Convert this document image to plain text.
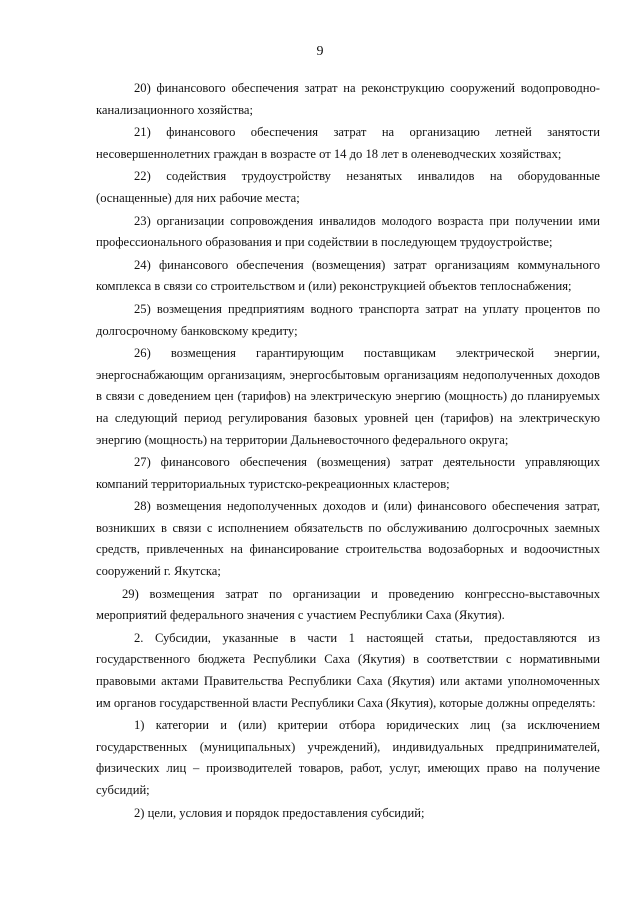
9

20) финансового обеспечения затрат на реконструкцию сооружений водопроводно-канализационного хозяйства;

21) финансового обеспечения затрат на организацию летней занятости несовершеннолетних граждан в возрасте от 14 до 18 лет в оленеводческих хозяйствах;

22) содействия трудоустройству незанятых инвалидов на оборудованные (оснащенные) для них рабочие места;

23) организации сопровождения инвалидов молодого возраста при получении ими профессионального образования и при содействии в последующем трудоустройстве;

24) финансового обеспечения (возмещения) затрат организациям коммунального комплекса в связи со строительством и (или) реконструкцией объектов теплоснабжения;

25) возмещения предприятиям водного транспорта затрат на уплату процентов по долгосрочному банковскому кредиту;

26) возмещения гарантирующим поставщикам электрической энергии, энергоснабжающим организациям, энергосбытовым организациям недополученных доходов в связи с доведением цен (тарифов) на электрическую энергию (мощность) до планируемых на следующий период регулирования базовых уровней цен (тарифов) на электрическую энергию (мощность) на территории Дальневосточного федерального округа;

27) финансового обеспечения (возмещения) затрат деятельности управляющих компаний территориальных туристско-рекреационных кластеров;

28) возмещения недополученных доходов и (или) финансового обеспечения затрат, возникших в связи с исполнением обязательств по обслуживанию долгосрочных заемных средств, привлеченных на финансирование строительства водозаборных и водоочистных сооружений г. Якутска;

29) возмещения затрат по организации и проведению конгрессно-выставочных мероприятий федерального значения с участием Республики Саха (Якутия).

2. Субсидии, указанные в части 1 настоящей статьи, предоставляются из государственного бюджета Республики Саха (Якутия) в соответствии с нормативными правовыми актами Правительства Республики Саха (Якутия) или актами уполномоченных им органов государственной власти Республики Саха (Якутия), которые должны определять:

1) категории и (или) критерии отбора юридических лиц (за исключением государственных (муниципальных) учреждений), индивидуальных предпринимателей, физических лиц – производителей товаров, работ, услуг, имеющих право на получение субсидий;

2) цели, условия и порядок предоставления субсидий;
